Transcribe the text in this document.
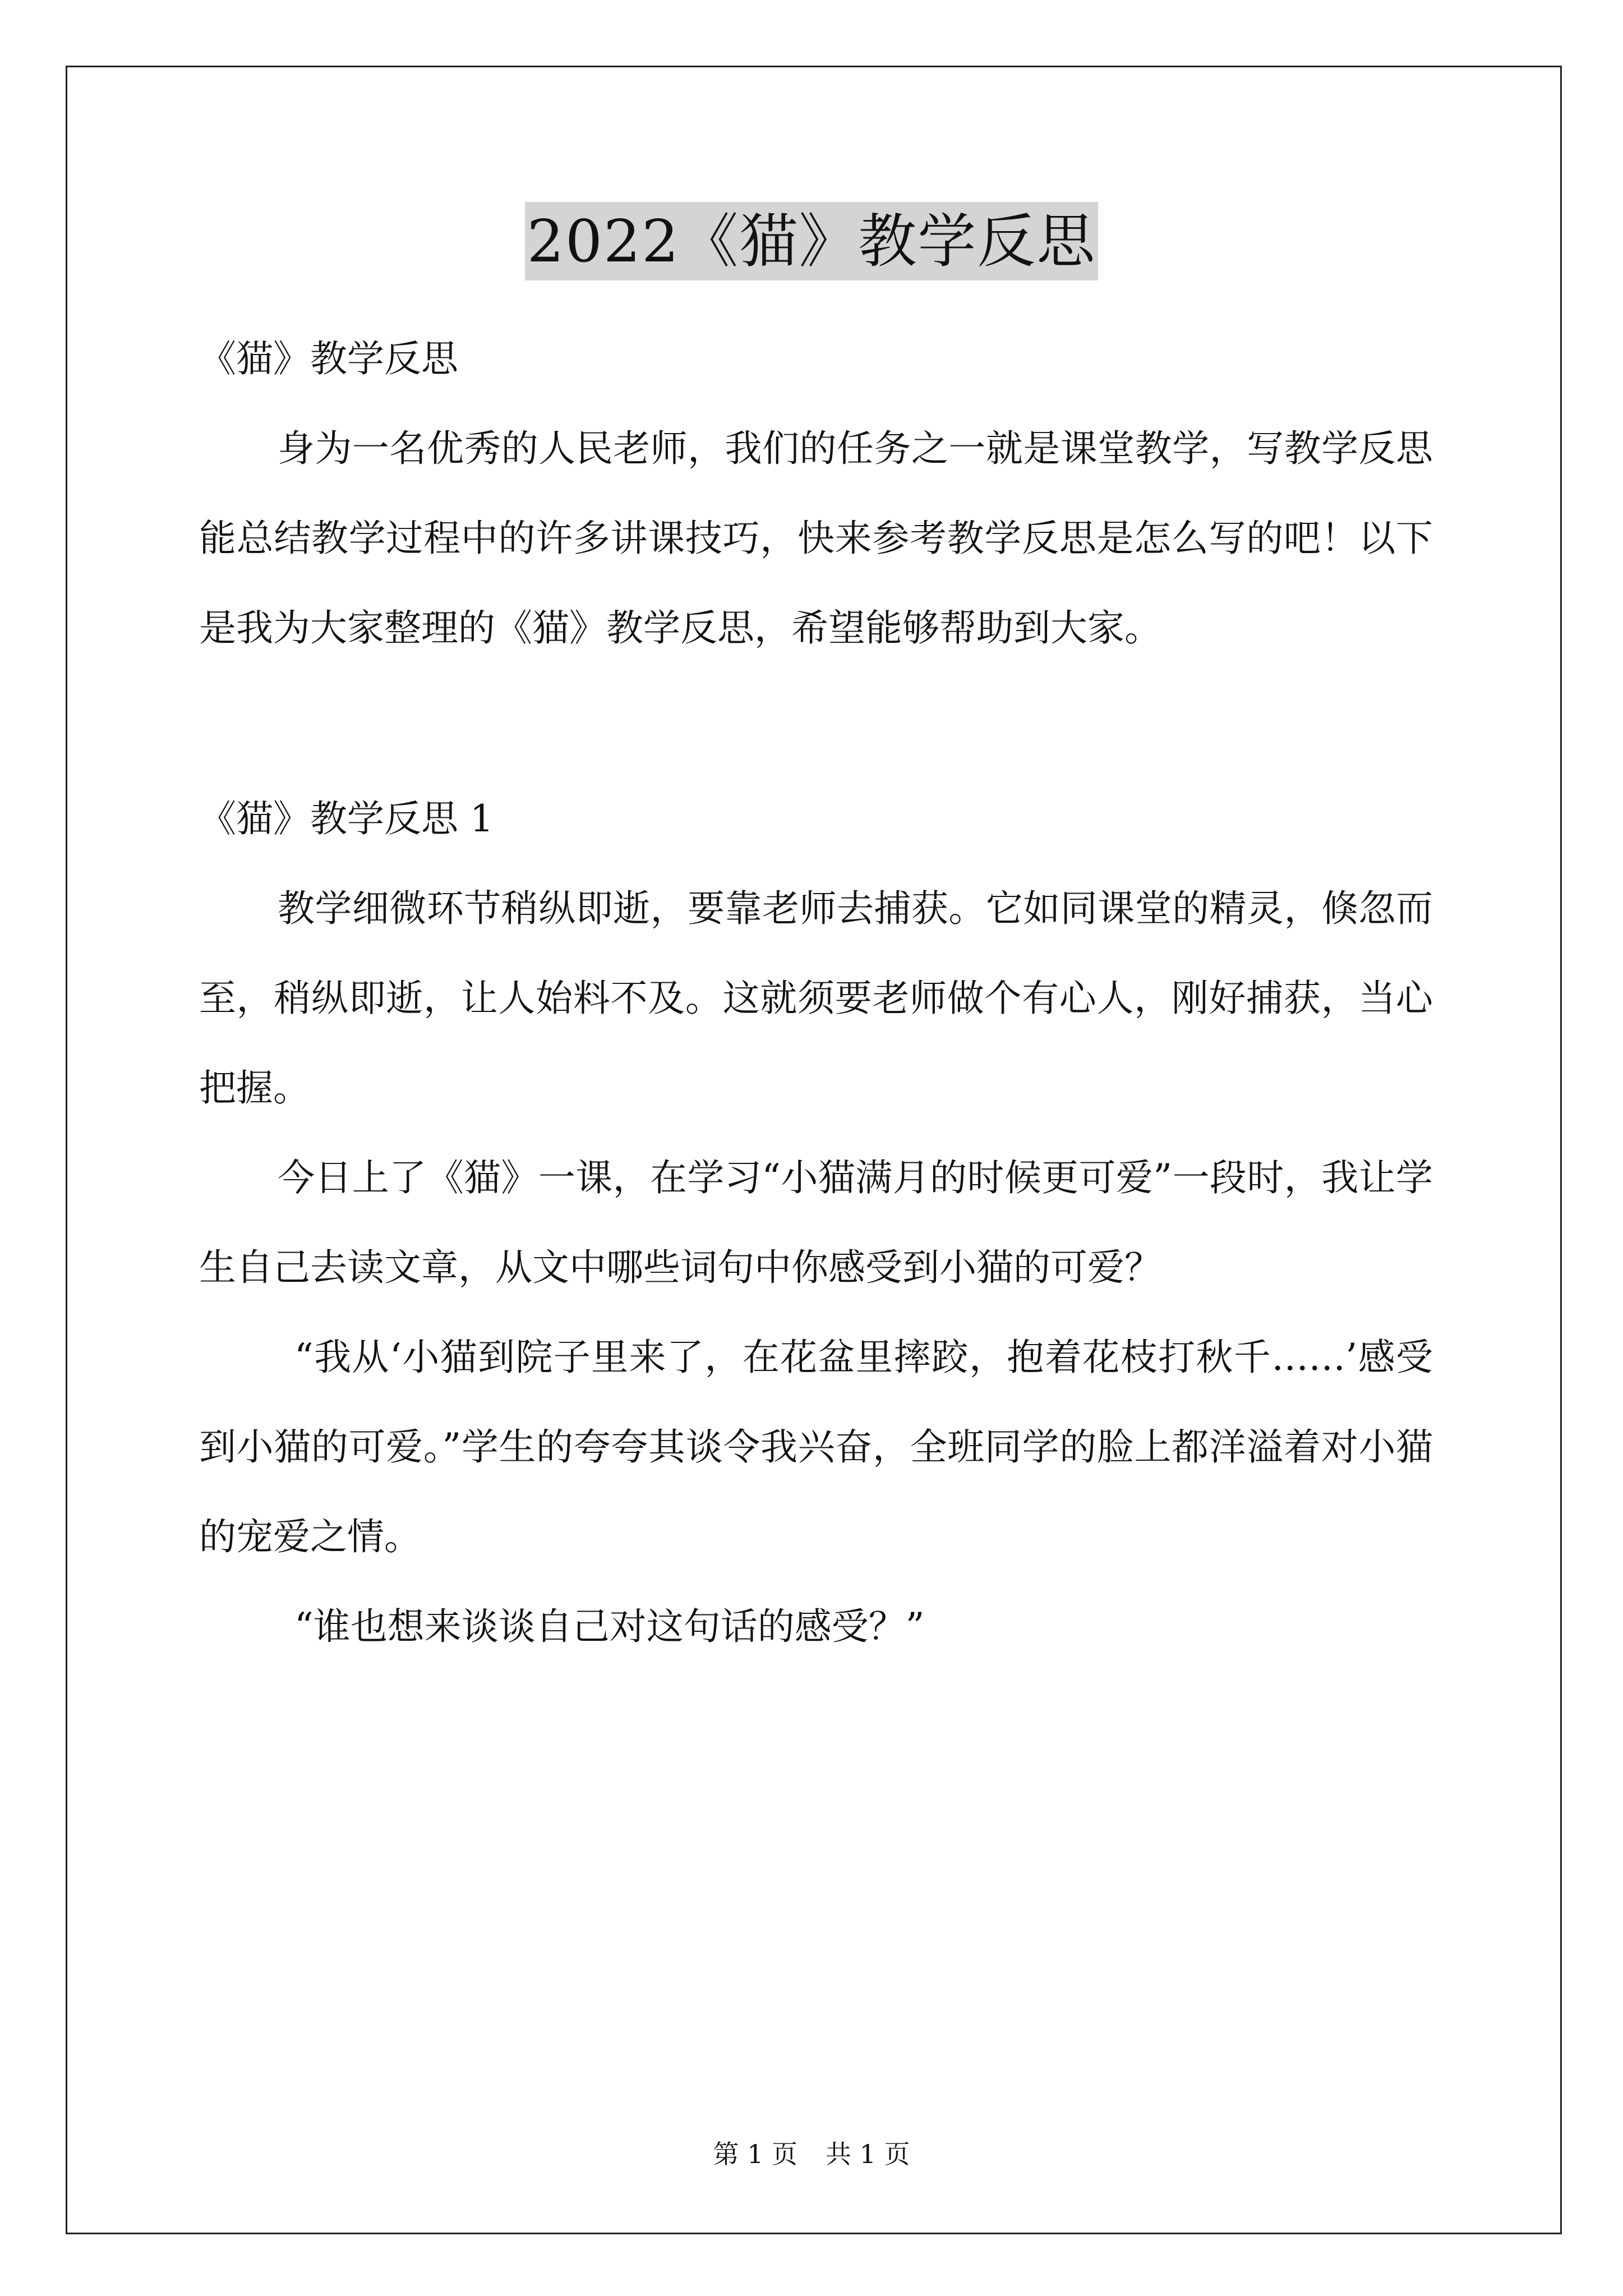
2022《猫》教学反思

《猫》教学反思

身为一名优秀的人民老师，我们的任务之一就是课堂教学，写教学反思能总结教学过程中的许多讲课技巧，快来参考教学反思是怎么写的吧！以下是我为大家整理的《猫》教学反思，希望能够帮助到大家。

《猫》教学反思 1

教学细微环节稍纵即逝，要靠老师去捕获。它如同课堂的精灵，倏忽而至，稍纵即逝，让人始料不及。这就须要老师做个有心人，刚好捕获，当心把握。

今日上了《猫》一课，在学习“小猫满月的时候更可爱”一段时，我让学生自己去读文章，从文中哪些词句中你感受到小猫的可爱？

“我从‘小猫到院子里来了，在花盆里摔跤，抱着花枝打秋千……’感受到小猫的可爱。”学生的夸夸其谈令我兴奋，全班同学的脸上都洋溢着对小猫的宠爱之情。

“谁也想来谈谈自己对这句话的感受？”

第 1 页 共 1 页
